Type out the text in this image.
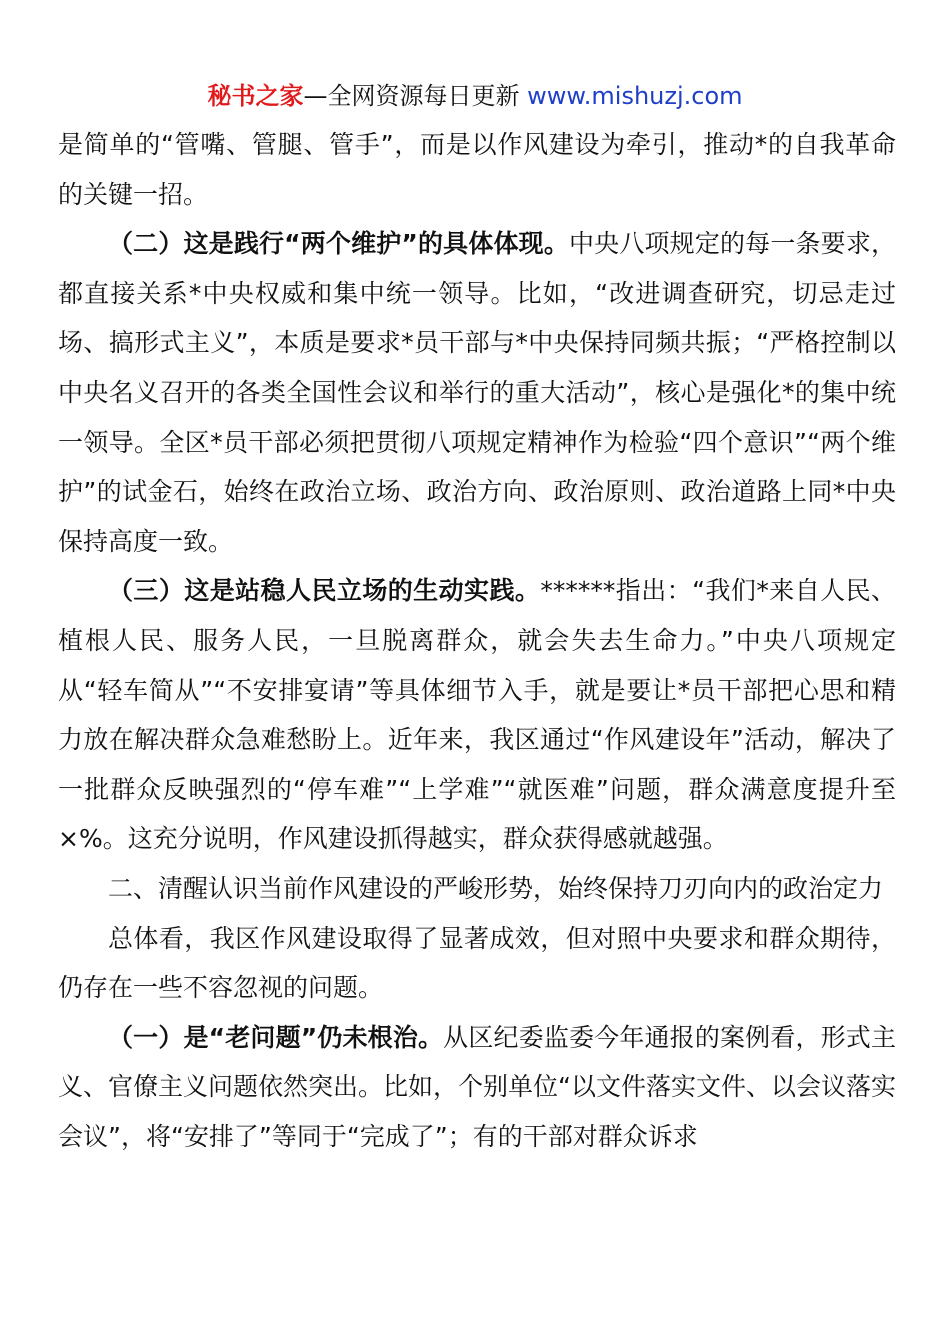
秘书之家—全网资源每日更新 www.mishuzj.com

是简单的“管嘴、管腿、管手”，而是以作风建设为牵引，推动*的自我革命的关键一招。

（二）这是践行“两个维护”的具体体现。中央八项规定的每一条要求，都直接关系*中央权威和集中统一领导。比如，“改进调查研究，切忌走过场、搞形式主义”，本质是要求*员干部与*中央保持同频共振；“严格控制以中央名义召开的各类全国性会议和举行的重大活动”，核心是强化*的集中统一领导。全区*员干部必须把贯彻八项规定精神作为检验“四个意识”“两个维护”的试金石，始终在政治立场、政治方向、政治原则、政治道路上同*中央保持高度一致。

（三）这是站稳人民立场的生动实践。******指出：“我们*来自人民、植根人民、服务人民，一旦脱离群众，就会失去生命力。”中央八项规定从“轻车简从”“不安排宴请”等具体细节入手，就是要让*员干部把心思和精力放在解决群众急难愁盼上。近年来，我区通过“作风建设年”活动，解决了一批群众反映强烈的“停车难”“上学难”“就医难”问题，群众满意度提升至×%。这充分说明，作风建设抓得越实，群众获得感就越强。

二、清醒认识当前作风建设的严峻形势，始终保持刀刃向内的政治定力

总体看，我区作风建设取得了显著成效，但对照中央要求和群众期待，仍存在一些不容忽视的问题。

（一）是“老问题”仍未根治。从区纪委监委今年通报的案例看，形式主义、官僚主义问题依然突出。比如，个别单位“以文件落实文件、以会议落实会议”，将“安排了”等同于“完成了”；有的干部对群众诉求
